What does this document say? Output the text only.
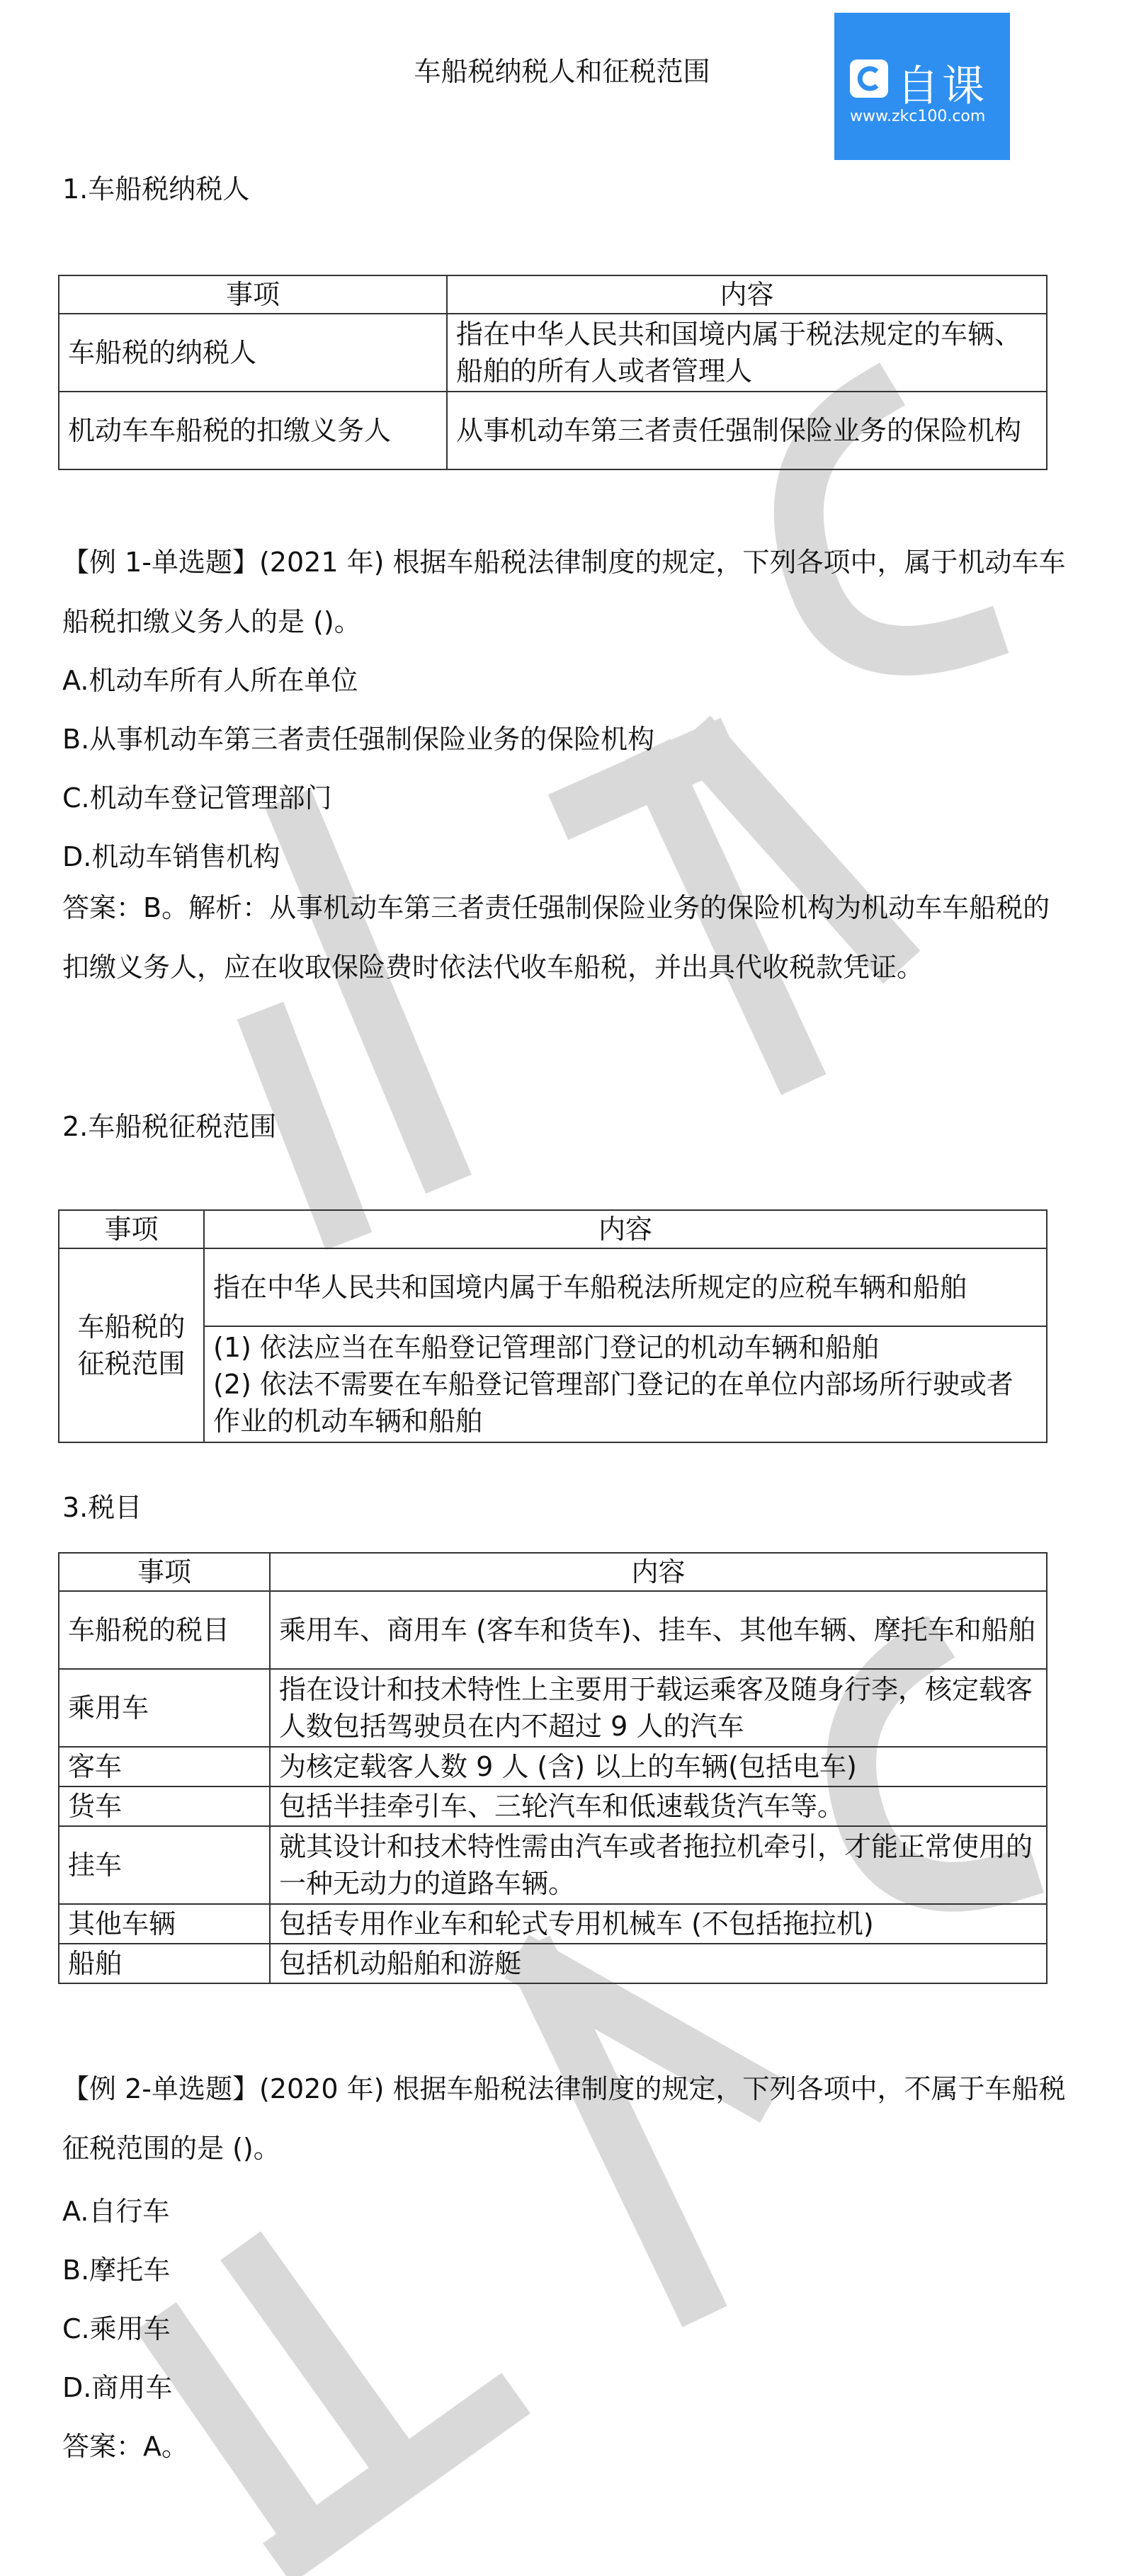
车船税纳税人和征税范围	自课
www.zkc100.com
1.车船税纳税人
事项	内容
车船税的纳税人	指在中华人民共和国境内属于税法规定的车辆、船舶的所有人或者管理人
机动车车船税的扣缴义务人	从事机动车第三者责任强制保险业务的保险机构
【例 1-单选题】(2021 年) 根据车船税法律制度的规定，下列各项中，属于机动车车船税扣缴义务人的是 ()。
A.机动车所有人所在单位
B.从事机动车第三者责任强制保险业务的保险机构
C.机动车登记管理部门
D.机动车销售机构
答案：B。解析：从事机动车第三者责任强制保险业务的保险机构为机动车车船税的扣缴义务人，应在收取保险费时依法代收车船税，并出具代收税款凭证。
2.车船税征税范围
事项	内容
车船税的征税范围	指在中华人民共和国境内属于车船税法所规定的应税车辆和船舶

	(1) 依法应当在车船登记管理部门登记的机动车辆和船舶
(2) 依法不需要在车船登记管理部门登记的在单位内部场所行驶或者作业的机动车辆和船舶
3.税目
事项	内容
车船税的税目	乘用车、商用车 (客车和货车)、挂车、其他车辆、摩托车和船舶
乘用车	指在设计和技术特性上主要用于载运乘客及随身行李，核定载客人数包括驾驶员在内不超过 9 人的汽车
客车	为核定载客人数 9 人 (含) 以上的车辆(包括电车)
货车	包括半挂牵引车、三轮汽车和低速载货汽车等。
挂车	就其设计和技术特性需由汽车或者拖拉机牵引，才能正常使用的一种无动力的道路车辆。
其他车辆	包括专用作业车和轮式专用机械车 (不包括拖拉机)
船舶	包括机动船舶和游艇
【例 2-单选题】(2020 年) 根据车船税法律制度的规定，下列各项中，不属于车船税征税范围的是 ()。
A.自行车
B.摩托车
C.乘用车
D.商用车
答案：A。
